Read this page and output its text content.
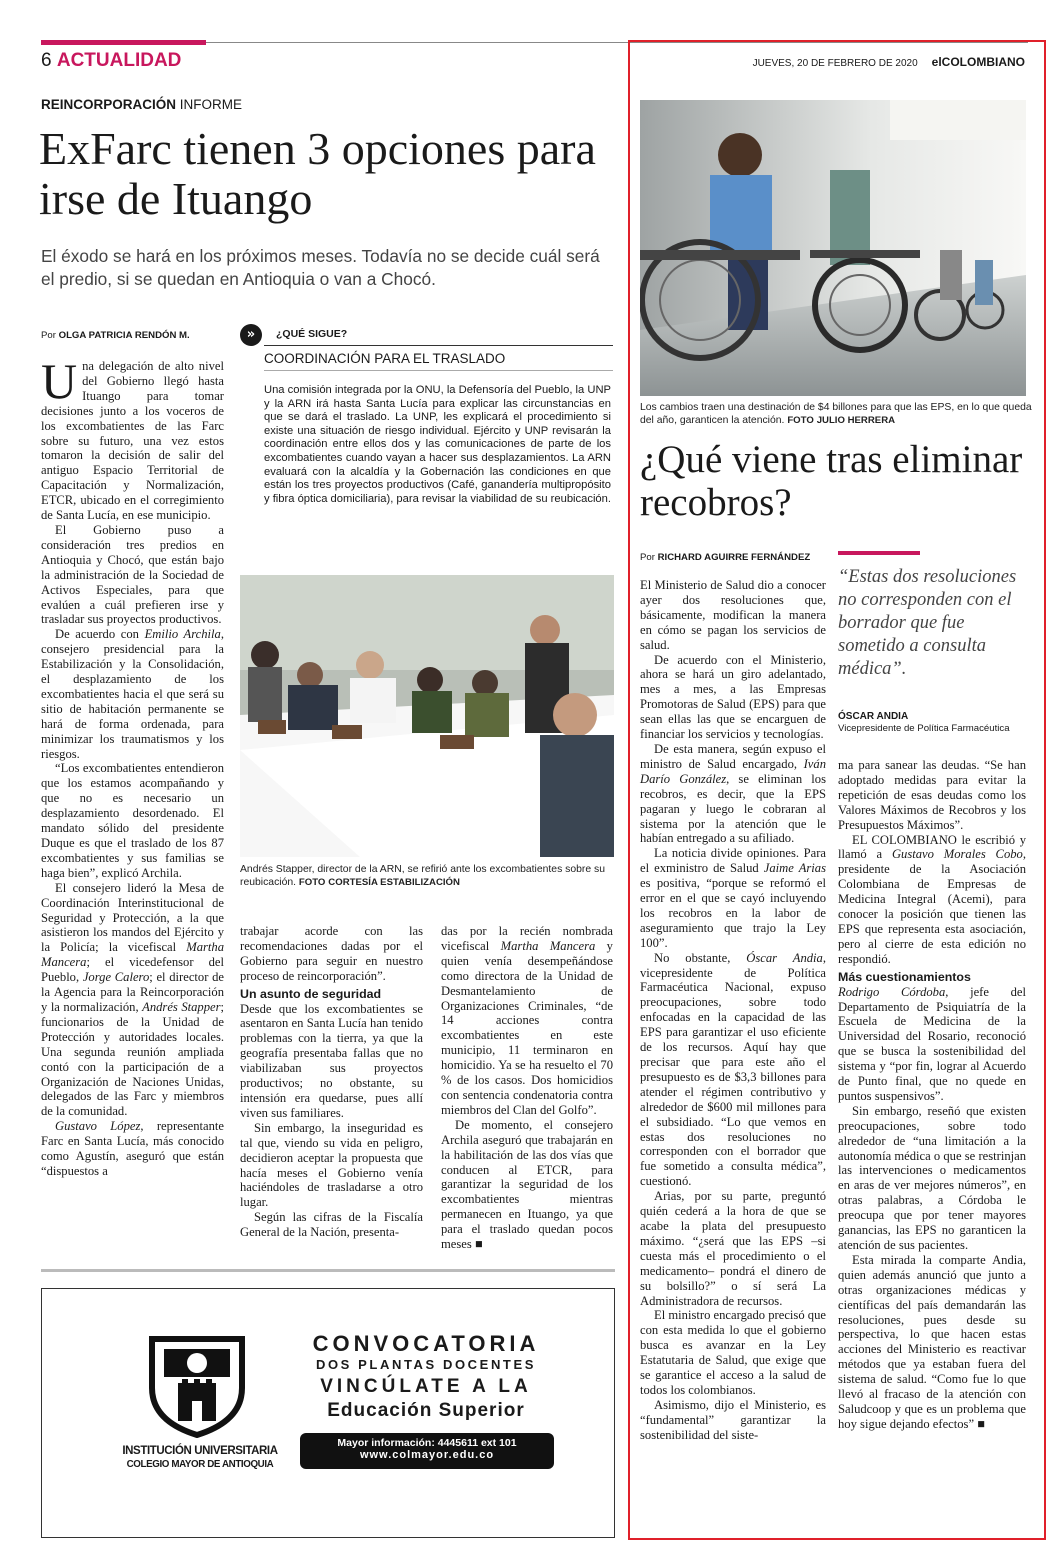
6 ACTUALIDAD	JUEVES, 20 DE FEBRERO DE 2020 elCOLOMBIANO
REINCORPORACIÓN INFORME
ExFarc tienen 3 opciones para irse de Ituango
El éxodo se hará en los próximos meses. Todavía no se decide cuál será el predio, si se quedan en Antioquia o van a Chocó.
Por OLGA PATRICIA RENDÓN M.

Una delegación de alto nivel del Gobierno llegó hasta Ituango para tomar decisiones junto a los voceros de los excombatientes de las Farc sobre su futuro, una vez estos tomaron la decisión de salir del antiguo Espacio Territorial de Capacitación y Normalización, ETCR, ubicado en el corregimiento de Santa Lucía, en ese municipio.

El Gobierno puso a consideración tres predios en Antioquia y Chocó, que están bajo la administración de la Sociedad de Activos Especiales, para que evalúen a cuál prefieren irse y trasladar sus proyectos productivos.

De acuerdo con Emilio Archila, consejero presidencial para la Estabilización y la Consolidación, el desplazamiento de los excombatientes hacia el que será su sitio de habitación permanente se hará de forma ordenada, para minimizar los traumatismos y los riesgos.

“Los excombatientes entendieron que los estamos acompañando y que no es necesario un desplazamiento desordenado. El mandato sólido del presidente Duque es que el traslado de los 87 excombatientes y sus familias se haga bien”, explicó Archila.

El consejero lideró la Mesa de Coordinación Interinstitucional de Seguridad y Protección, a la que asistieron los mandos del Ejército y la Policía; la vicefiscal Martha Mancera; el vicedefensor del Pueblo, Jorge Calero; el director de la Agencia para la Reincorporación y la normalización, Andrés Stapper; funcionarios de la Unidad de Protección y autoridades locales. Una segunda reunión ampliada contó con la participación de a Organización de Naciones Unidas, delegados de las Farc y miembros de la comunidad.

Gustavo López, representante Farc en Santa Lucía, más conocido como Agustín, aseguró que están “dispuestos a

»	¿QUÉ SIGUE?
COORDINACIÓN PARA EL TRASLADO
Una comisión integrada por la ONU, la Defensoría del Pueblo, la UNP y la ARN irá hasta Santa Lucía para explicar las circunstancias en que se dará el traslado. La UNP, les explicará el procedimiento si existe una situación de riesgo individual. Ejército y UNP revisarán la coordinación entre ellos dos y las comunicaciones de parte de los excombatientes cuando vayan a hacer sus desplazamientos. La ARN evaluará con la alcaldía y la Gobernación las condiciones en que están los tres proyectos productivos (Café, ganandería multipropósito y fibra óptica domiciliaria), para revisar la viabilidad de su reubicación.
Andrés Stapper, director de la ARN, se refirió ante los excombatientes sobre su reubicación. FOTO CORTESÍA ESTABILIZACIÓN

trabajar acorde con las recomendaciones dadas por el Gobierno para seguir en nuestro proceso de reincorporación”.

Un asunto de seguridad

Desde que los excombatientes se asentaron en Santa Lucía han tenido problemas con la tierra, ya que la geografía presentaba fallas que no viabilizaban sus proyectos productivos; no obstante, su intensión era quedarse, pues allí viven sus familiares.

Sin embargo, la inseguridad es tal que, viendo su vida en peligro, decidieron aceptar la propuesta que hacía meses el Gobierno venía haciéndoles de trasladarse a otro lugar.

Según las cifras de la Fiscalía General de la Nación, presenta-

das por la recién nombrada vicefiscal Martha Mancera y quien venía desempeñándose como directora de la Unidad de Desmantelamiento de Organizaciones Criminales, “de 14 acciones contra excombatientes en este municipio, 11 terminaron en homicidio. Ya se ha resuelto el 70 % de los casos. Dos homicidios con sentencia condenatoria contra miembros del Clan del Golfo”.

De momento, el consejero Archila aseguró que trabajarán en la habilitación de las dos vías que conducen al ETCR, para garantizar la seguridad de los excombatientes mientras permanecen en Ituango, ya que para el traslado quedan pocos meses ■

INSTITUCIÓN UNIVERSITARIA
COLEGIO MAYOR DE ANTIOQUIA
CONVOCATORIA
DOS PLANTAS DOCENTES
VINCÚLATE A LA
Educación Superior
Mayor información: 4445611 ext 101
www.colmayor.edu.co
Los cambios traen una destinación de $4 billones para que las EPS, en lo que queda del año, garanticen la atención. FOTO JULIO HERRERA
¿Qué viene tras eliminar recobros?
Por RICHARD AGUIRRE FERNÁNDEZ
“Estas dos resoluciones no corresponden con el borrador que fue sometido a consulta médica”.
ÓSCAR ANDIA
Vicepresidente de Política Farmacéutica

El Ministerio de Salud dio a conocer ayer dos resoluciones que, básicamente, modifican la manera en cómo se pagan los servicios de salud.

De acuerdo con el Ministerio, ahora se hará un giro adelantado, mes a mes, a las Empresas Promotoras de Salud (EPS) para que sean ellas las que se encarguen de financiar los servicios y tecnologías.

De esta manera, según expuso el ministro de Salud encargado, Iván Darío González, se eliminan los recobros, es decir, que la EPS pagaran y luego le cobraran al sistema por la atención que le habían entregado a su afiliado.

La noticia divide opiniones. Para el exministro de Salud Jaime Arias es positiva, “porque se reformó el error en el que se cayó incluyendo los recobros en la labor de aseguramiento que trajo la Ley 100”.

No obstante, Óscar Andia, vicepresidente de Política Farmacéutica Nacional, expuso preocupaciones, sobre todo enfocadas en la capacidad de las EPS para garantizar el uso eficiente de los recursos. Aquí hay que precisar que para este año el presupuesto es de $3,3 billones para atender el régimen contributivo y alrededor de $600 mil millones para el subsidiado. “Lo que vemos en estas dos resoluciones no corresponden con el borrador que fue sometido a consulta médica”, cuestionó.

Arias, por su parte, preguntó quién cederá a la hora de que se acabe la plata del presupuesto máximo. “¿será que las EPS –si cuesta más el procedimiento o el medicamento– pondrá el dinero de su bolsillo?” o sí será La Administradora de recursos.

El ministro encargado precisó que con esta medida lo que el gobierno busca es avanzar en la Ley Estatutaria de Salud, que exige que se garantice el acceso a la salud de todos los colombianos.

Asimismo, dijo el Ministerio, es “fundamental” garantizar la sostenibilidad del siste-

ma para sanear las deudas. “Se han adoptado medidas para evitar la repetición de esas deudas como los Valores Máximos de Recobros y los Presupuestos Máximos”.

EL COLOMBIANO le escribió y llamó a Gustavo Morales Cobo, presidente de la Asociación Colombiana de Empresas de Medicina Integral (Acemi), para conocer la posición que tienen las EPS que representa esta asociación, pero al cierre de esta edición no respondió.

Más cuestionamientos

Rodrigo Córdoba, jefe del Departamento de Psiquiatría de la Escuela de Medicina de la Universidad del Rosario, reconoció que se busca la sostenibilidad del sistema y “por fin, lograr al Acuerdo de Punto final, que no quede en puntos suspensivos”.

Sin embargo, reseñó que existen preocupaciones, sobre todo alrededor de “una limitación a la autonomía médica o que se restrinjan las intervenciones o medicamentos en aras de ver mejores números”, en otras palabras, a Córdoba le preocupa que por tener mayores ganancias, las EPS no garanticen la atención de sus pacientes.

Esta mirada la comparte Andia, quien además anunció que junto a otras organizaciones médicas y científicas del país demandarán las resoluciones, pues desde su perspectiva, lo que hacen estas acciones del Ministerio es reactivar métodos que ya estaban fuera del sistema de salud. “Como fue lo que llevó al fracaso de la atención con Saludcoop y que es un problema que hoy sigue dejando efectos” ■
